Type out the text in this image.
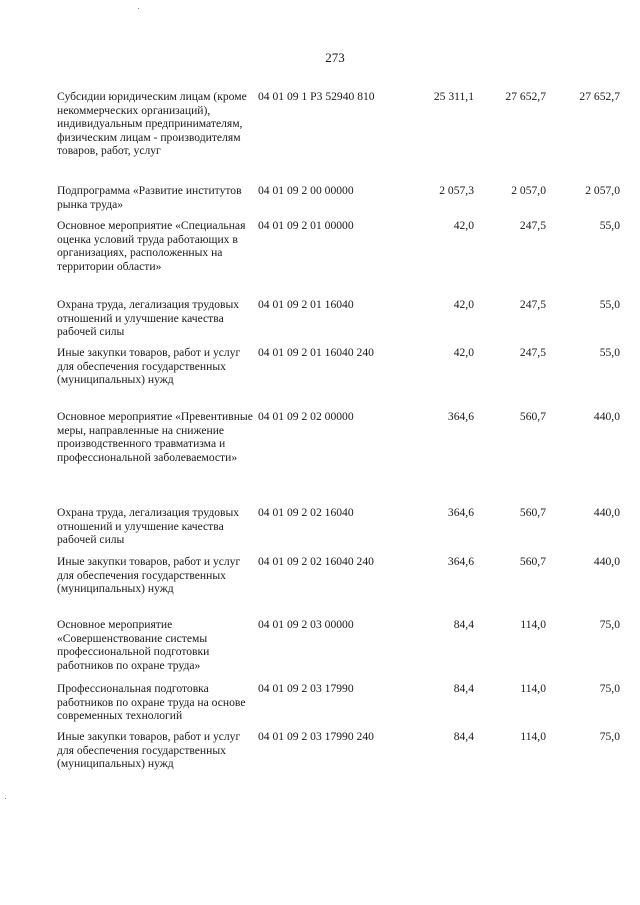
273
Субсидии юридическим лицам (кроме некоммерческих организаций), индивидуальным предпринимателям, физическим лицам - производителям товаров, работ, услуг
04 01 09 1 P3 52940 810	25 311,1	27 652,7	27 652,7
Подпрограмма «Развитие институтов рынка труда»
04 01 09 2 00 00000	2 057,3	2 057,0	2 057,0
Основное мероприятие «Специальная оценка условий труда работающих в организациях, расположенных на территории области»
04 01 09 2 01 00000	42,0	247,5	55,0
Охрана труда, легализация трудовых отношений и улучшение качества рабочей силы
04 01 09 2 01 16040	42,0	247,5	55,0
Иные закупки товаров, работ и услуг для обеспечения государственных (муниципальных) нужд
04 01 09 2 01 16040 240	42,0	247,5	55,0
Основное мероприятие «Превентивные меры, направленные на снижение производственного травматизма и профессиональной заболеваемости»
04 01 09 2 02 00000	364,6	560,7	440,0
Охрана труда, легализация трудовых отношений и улучшение качества рабочей силы
04 01 09 2 02 16040	364,6	560,7	440,0
Иные закупки товаров, работ и услуг для обеспечения государственных (муниципальных) нужд
04 01 09 2 02 16040 240	364,6	560,7	440,0
Основное мероприятие «Совершенствование системы профессиональной подготовки работников по охране труда»
04 01 09 2 03 00000	84,4	114,0	75,0
Профессиональная подготовка работников по охране труда на основе современных технологий
04 01 09 2 03 17990	84,4	114,0	75,0
Иные закупки товаров, работ и услуг для обеспечения государственных (муниципальных) нужд
04 01 09 2 03 17990 240	84,4	114,0	75,0
